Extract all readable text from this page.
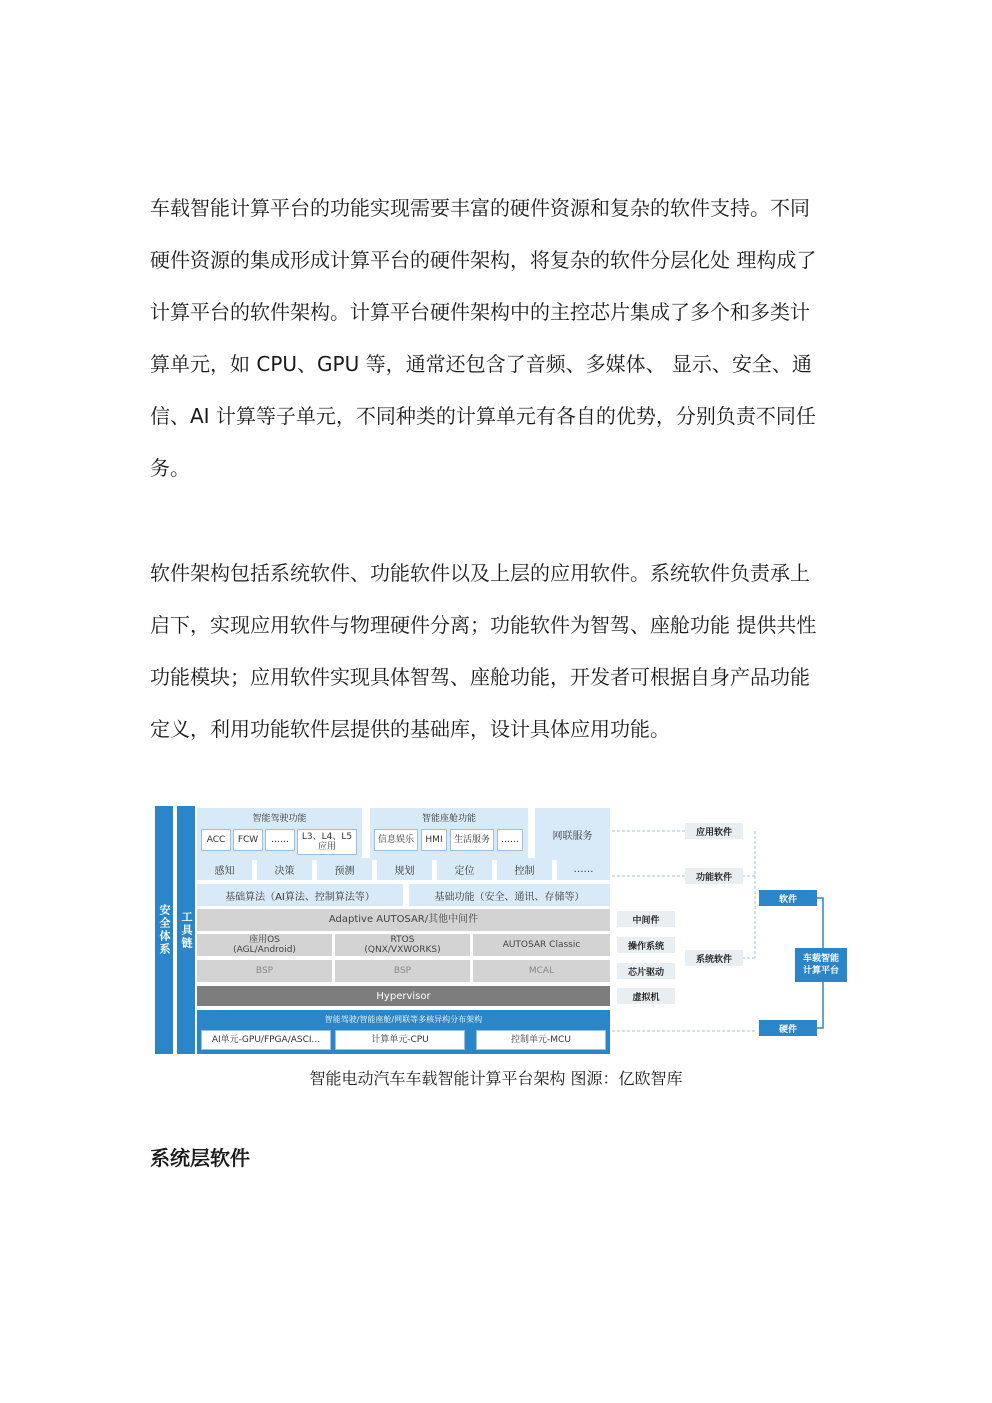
车载智能计算平台的功能实现需要丰富的硬件资源和复杂的软件支持。不同
硬件资源的集成形成计算平台的硬件架构，将复杂的软件分层化处 理构成了
计算平台的软件架构。计算平台硬件架构中的主控芯片集成了多个和多类计
算单元，如 CPU、GPU 等，通常还包含了音频、多媒体、 显示、安全、通
信、AI 计算等子单元，不同种类的计算单元有各自的优势，分别负责不同任
务。

软件架构包括系统软件、功能软件以及上层的应用软件。系统软件负责承上
启下，实现应用软件与物理硬件分离；功能软件为智驾、座舱功能 提供共性
功能模块；应用软件实现具体智驾、座舱功能，开发者可根据自身产品功能
定义，利用功能软件层提供的基础库，设计具体应用功能。

安全体系 工具链
智能驾驶功能
ACC	FCW	……	L3、L4、L5
应用
智能座舱功能
信息娱乐	HMI	生活服务	……	网联服务
感知	决策	预测	规划	定位	控制	……
基础算法（AI算法、控制算法等）	基础功能（安全、通讯、存储等）
Adaptive AUTOSAR/其他中间件
座用OS
(AGL/Android)
RTOS
(QNX/VXWORKS)	AUTOSAR Classic
BSP	BSP	MCAL
Hypervisor
智能驾驶/智能座舱/网联等多核异构分布架构
AI单元-GPU/FPGA/ASCI...	计算单元-CPU	控制单元-MCU
应用软件
功能软件
中间件
操作系统
芯片驱动
虚拟机
系统软件
软件
硬件
车载智能
计算平台
智能电动汽车车载智能计算平台架构 图源：亿欧智库
系统层软件
